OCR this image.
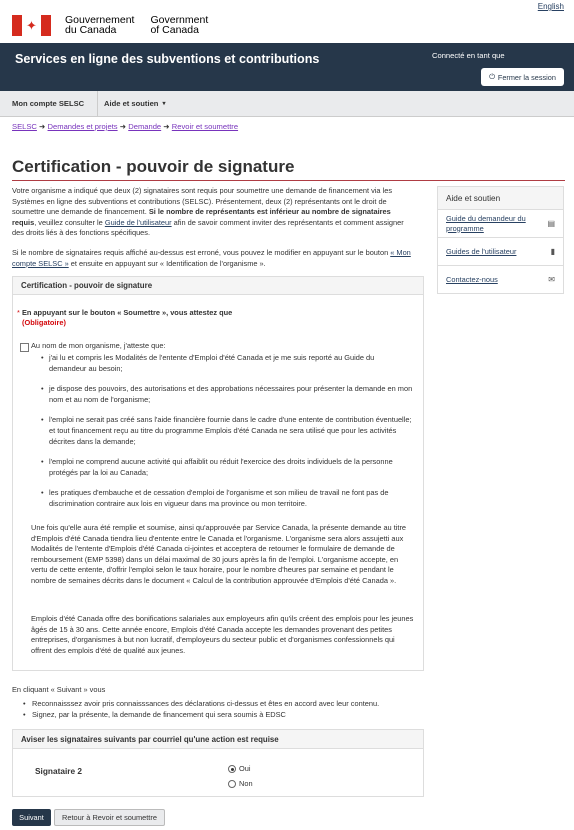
English
✦	Gouvernement
du Canada
Government
of Canada
Services en ligne des subventions et contributions	Connecté en tant que
⏻ Fermer la session
Mon compte SELSC	Aide et soutien ▾
SELSC ➜ Demandes et projets ➜ Demande ➜ Revoir et soumettre
Certification - pouvoir de signature
Votre organisme a indiqué que deux (2) signataires sont requis pour soumettre une demande de financement via les Systèmes en ligne des subventions et contributions (SELSC). Présentement, deux (2) représentants ont le droit de soumettre une demande de financement. Si le nombre de représentants est inférieur au nombre de signataires requis, veuillez consulter le Guide de l'utilisateur afin de savoir comment inviter des représentants et comment assigner des droits liés à des fonctions spécifiques.
Si le nombre de signataires requis affiché au-dessus est erroné, vous pouvez le modifier en appuyant sur le bouton « Mon compte SELSC » et ensuite en appuyant sur « Identification de l'organisme ».
Aide et soutien
Guide du demandeur du programme	▤
Guides de l'utilisateur	▮
Contactez-nous	✉
Certification - pouvoir de signature
* En appuyant sur le bouton « Soumettre », vous attestez que
(Obligatoire)
Au nom de mon organisme, j'atteste que:
• j'ai lu et compris les Modalités de l'entente d'Emploi d'été Canada et je me suis reporté au Guide du demandeur au besoin;
• je dispose des pouvoirs, des autorisations et des approbations nécessaires pour présenter la demande en mon nom et au nom de l'organisme;
• l'emploi ne serait pas créé sans l'aide financière fournie dans le cadre d'une entente de contribution éventuelle; et tout financement reçu au titre du programme Emplois d'été Canada ne sera utilisé que pour les activités décrites dans la demande;
• l'emploi ne comprend aucune activité qui affaiblit ou réduit l'exercice des droits individuels de la personne protégés par la loi au Canada;
• les pratiques d'embauche et de cessation d'emploi de l'organisme et son milieu de travail ne font pas de discrimination contraire aux lois en vigueur dans ma province ou mon territoire.
Une fois qu'elle aura été remplie et soumise, ainsi qu'approuvée par Service Canada, la présente demande au titre d'Emplois d'été Canada tiendra lieu d'entente entre le Canada et l'organisme. L'organisme sera alors assujetti aux Modalités de l'entente d'Emplois d'été Canada ci-jointes et acceptera de retourner le formulaire de demande de remboursement (EMP 5398) dans un délai maximal de 30 jours après la fin de l'emploi. L'organisme accepte, en vertu de cette entente, d'offrir l'emploi selon le taux horaire, pour le nombre d'heures par semaine et pendant le nombre de semaines décrits dans le document « Calcul de la contribution approuvée d'Emplois d'été Canada ».
Emplois d'été Canada offre des bonifications salariales aux employeurs afin qu'ils créent des emplois pour les jeunes âgés de 15 à 30 ans. Cette année encore, Emplois d'été Canada accepte les demandes provenant des petites entreprises, d'organismes à but non lucratif, d'employeurs du secteur public et d'organismes confessionnels qui offrent des emplois d'été de qualité aux jeunes.
En cliquant « Suivant » vous
• Reconnaisssez avoir pris connaisssances des déclarations ci-dessus et êtes en accord avec leur contenu.
• Signez, par la présente, la demande de financement qui sera soumis à EDSC
Aviser les signataires suivants par courriel qu'une action est requise
Signataire 2	Oui
Non
Suivant	Retour à Revoir et soumettre
